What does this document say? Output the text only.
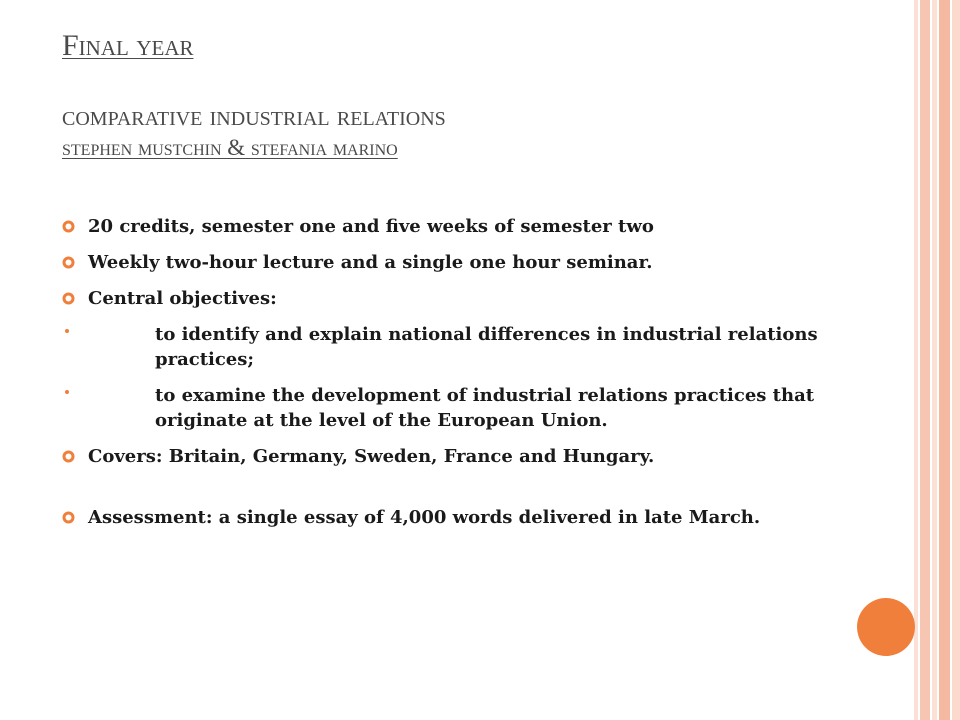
Final year
comparative industrial relations
stephen mustchin & stefania marino
20 credits, semester one and five weeks of semester two
Weekly two-hour lecture and a single one hour seminar.
Central objectives:
to identify and explain national differences in industrial relations practices;
to examine the development of industrial relations practices that originate at the level of the European Union.
Covers: Britain, Germany, Sweden, France and Hungary.
Assessment: a single essay of 4,000 words delivered in late March.
